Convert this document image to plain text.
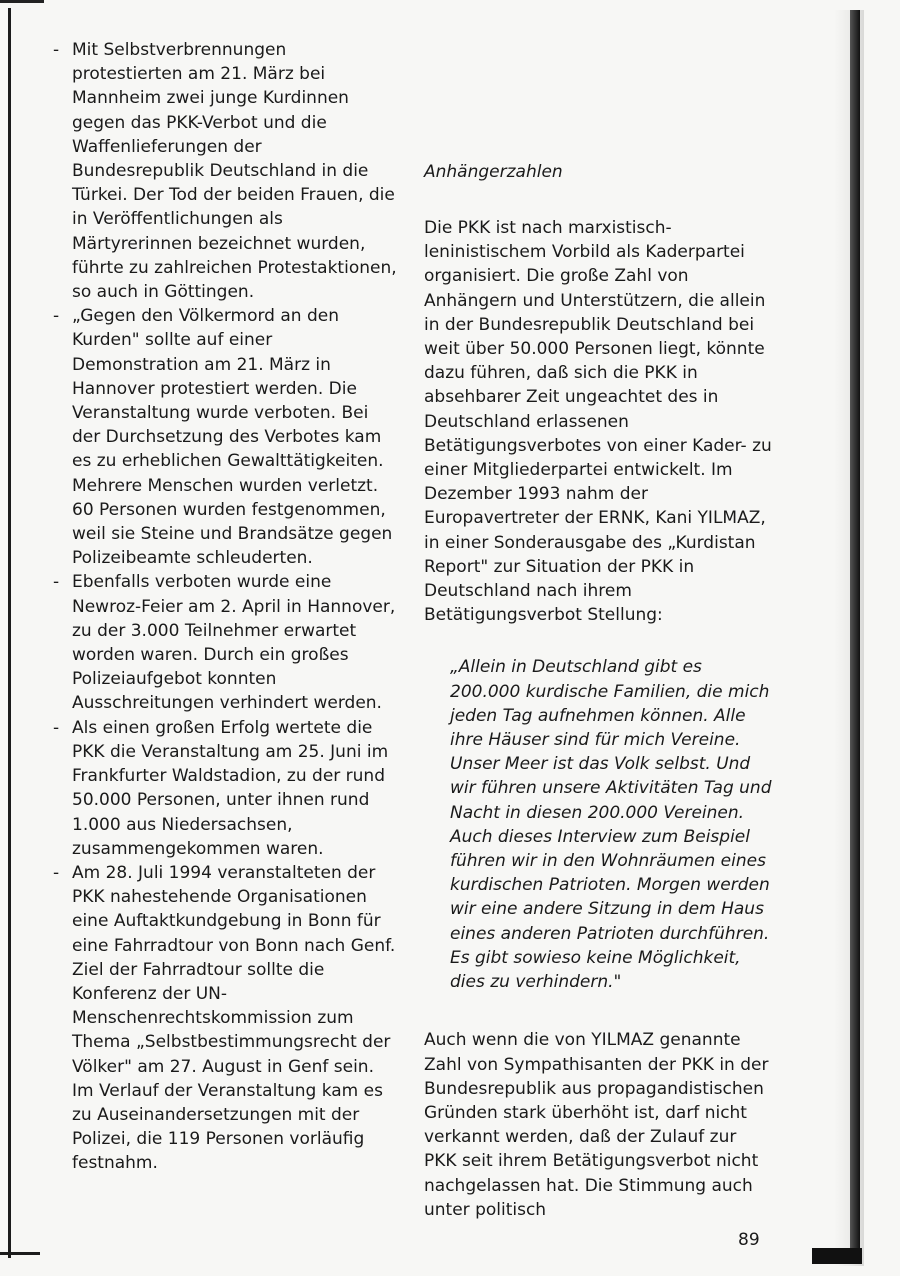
- Mit Selbstverbrennungen protestierten am 21. März bei Mannheim zwei junge Kurdinnen gegen das PKK-Verbot und die Waffenlieferungen der Bundesrepublik Deutschland in die Türkei. Der Tod der beiden Frauen, die in Veröffentlichungen als Märtyrerinnen bezeichnet wurden, führte zu zahlreichen Protestaktionen, so auch in Göttingen.
- „Gegen den Völkermord an den Kurden" sollte auf einer Demonstration am 21. März in Hannover protestiert werden. Die Veranstaltung wurde verboten. Bei der Durchsetzung des Verbotes kam es zu erheblichen Gewalttätigkeiten. Mehrere Menschen wurden verletzt. 60 Personen wurden festgenommen, weil sie Steine und Brandsätze gegen Polizeibeamte schleuderten.
- Ebenfalls verboten wurde eine Newroz-Feier am 2. April in Hannover, zu der 3.000 Teilnehmer erwartet worden waren. Durch ein großes Polizeiaufgebot konnten Ausschreitungen verhindert werden.
- Als einen großen Erfolg wertete die PKK die Veranstaltung am 25. Juni im Frankfurter Waldstadion, zu der rund 50.000 Personen, unter ihnen rund 1.000 aus Niedersachsen, zusammengekommen waren.
- Am 28. Juli 1994 veranstalteten der PKK nahestehende Organisationen eine Auftaktkundgebung in Bonn für eine Fahrradtour von Bonn nach Genf. Ziel der Fahrradtour sollte die Konferenz der UN-Menschenrechtskommission zum Thema „Selbstbestimmungsrecht der Völker" am 27. August in Genf sein. Im Verlauf der Veranstaltung kam es zu Auseinandersetzungen mit der Polizei, die 119 Personen vorläufig festnahm.

Anhängerzahlen

Die PKK ist nach marxistisch-leninistischem Vorbild als Kaderpartei organisiert. Die große Zahl von Anhängern und Unterstützern, die allein in der Bundesrepublik Deutschland bei weit über 50.000 Personen liegt, könnte dazu führen, daß sich die PKK in absehbarer Zeit ungeachtet des in Deutschland erlassenen Betätigungsverbotes von einer Kader- zu einer Mitgliederpartei entwickelt. Im Dezember 1993 nahm der Europavertreter der ERNK, Kani YILMAZ, in einer Sonderausgabe des „Kurdistan Report" zur Situation der PKK in Deutschland nach ihrem Betätigungsverbot Stellung:

„Allein in Deutschland gibt es 200.000 kurdische Familien, die mich jeden Tag aufnehmen können. Alle ihre Häuser sind für mich Vereine. Unser Meer ist das Volk selbst. Und wir führen unsere Aktivitäten Tag und Nacht in diesen 200.000 Vereinen. Auch dieses Interview zum Beispiel führen wir in den Wohnräumen eines kurdischen Patrioten. Morgen werden wir eine andere Sitzung in dem Haus eines anderen Patrioten durchführen. Es gibt sowieso keine Möglichkeit, dies zu verhindern."

Auch wenn die von YILMAZ genannte Zahl von Sympathisanten der PKK in der Bundesrepublik aus propagandistischen Gründen stark überhöht ist, darf nicht verkannt werden, daß der Zulauf zur PKK seit ihrem Betätigungsverbot nicht nachgelassen hat. Die Stimmung auch unter politisch

89
